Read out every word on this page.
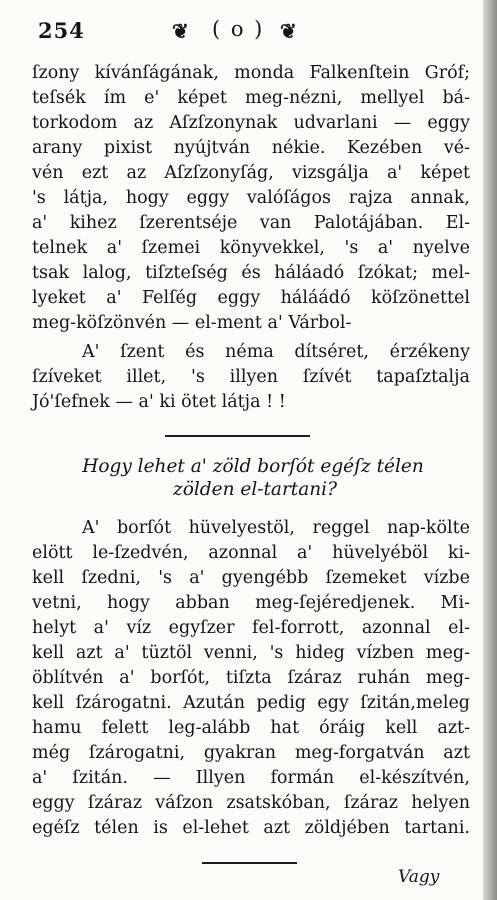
254	❦ ( o ) ❦
ſzony kívánſágának, monda Falkenſtein Gróf;
teſsék ím e' képet meg-nézni, mellyel bá-
torkodom az Aſzſzonynak udvarlani — eggy
arany pixist nyújtván nékie. Kezében vé-
vén ezt az Aſzſzonyſág, vizsgálja a' képet
's látja, hogy eggy valóſágos rajza annak,
a' kihez ſzerentséje van Palotájában. El-
telnek a' ſzemei könyvekkel, 's a' nyelve
tsak lalog, tiſzteſség és háláadó ſzókat; mel-
lyeket a' Felſég eggy háláádó köſzönettel
meg-köſzönvén — el-ment a' Várbol-
A' ſzent és néma dítséret, érzékeny
ſzíveket illet, 's illyen ſzívét tapaſztalja
Jó'ſefnek — a' ki ötet látja ! !
Hogy lehet a' zöld borſót egéſz télen
zölden el-tartani?
A' borſót hüvelyestöl, reggel nap-költe
elött le-ſzedvén, azonnal a' hüvelyéböl ki-
kell ſzedni, 's a' gyengébb ſzemeket vízbe
vetni, hogy abban meg-ſejéredjenek. Mi-
helyt a' víz egyſzer fel-forrott, azonnal el-
kell azt a' tüztöl venni, 's hideg vízben meg-
öblítvén a' borſót, tiſzta ſzáraz ruhán meg-
kell ſzárogatni. Azután pedig egy ſzitán,meleg
hamu felett leg-alább hat óráig kell azt-
még ſzárogatni, gyakran meg-forgatván azt
a' ſzitán. — Illyen formán el-készítvén,
eggy ſzáraz váſzon zsatskóban, ſzáraz helyen
egéſz télen is el-lehet azt zöldjében tartani.
Vagy
